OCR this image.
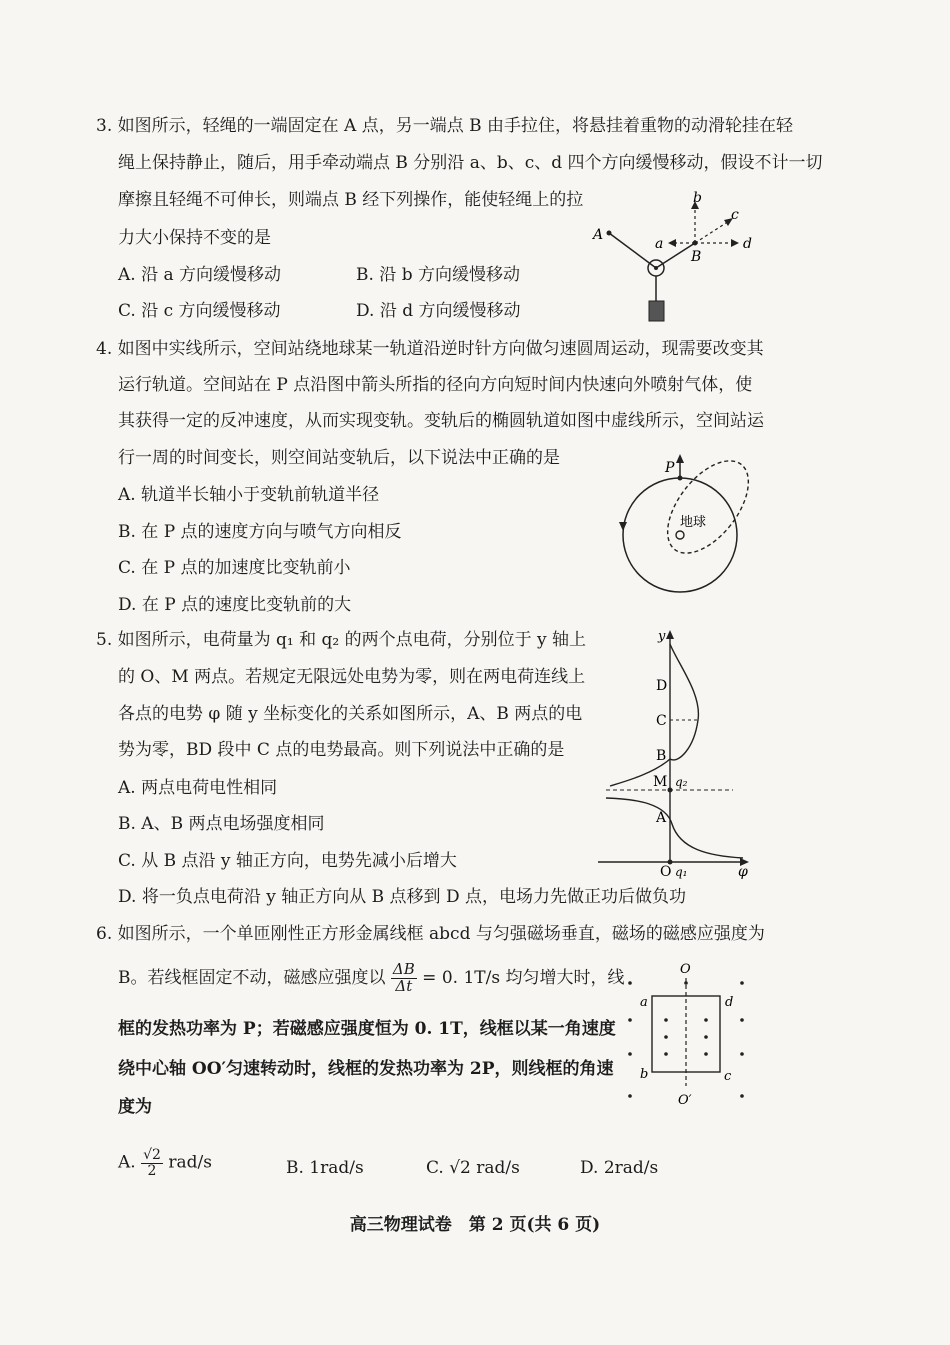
3. 如图所示，轻绳的一端固定在 A 点，另一端点 B 由手拉住，将悬挂着重物的动滑轮挂在轻
绳上保持静止，随后，用手牵动端点 B 分别沿 a、b、c、d 四个方向缓慢移动，假设不计一切
摩擦且轻绳不可伸长，则端点 B 经下列操作，能使轻绳上的拉
力大小保持不变的是
A. 沿 a 方向缓慢移动	B. 沿 b 方向缓慢移动
C. 沿 c 方向缓慢移动	D. 沿 d 方向缓慢移动
A
B
a
b
c
d
4. 如图中实线所示，空间站绕地球某一轨道沿逆时针方向做匀速圆周运动，现需要改变其
运行轨道。空间站在 P 点沿图中箭头所指的径向方向短时间内快速向外喷射气体，使
其获得一定的反冲速度，从而实现变轨。变轨后的椭圆轨道如图中虚线所示，空间站运
行一周的时间变长，则空间站变轨后，以下说法中正确的是
A. 轨道半长轴小于变轨前轨道半径
B. 在 P 点的速度方向与喷气方向相反
C. 在 P 点的加速度比变轨前小
D. 在 P 点的速度比变轨前的大
地球
P
5. 如图所示，电荷量为 q₁ 和 q₂ 的两个点电荷，分别位于 y 轴上
的 O、M 两点。若规定无限远处电势为零，则在两电荷连线上
各点的电势 φ 随 y 坐标变化的关系如图所示，A、B 两点的电
势为零，BD 段中 C 点的电势最高。则下列说法中正确的是
A. 两点电荷电性相同
B. A、B 两点电场强度相同
C. 从 B 点沿 y 轴正方向，电势先减小后增大
D. 将一负点电荷沿 y 轴正方向从 B 点移到 D 点，电场力先做正功后做负功
y
φ
D
C
B
M q₂
A
O q₁
6. 如图所示，一个单匝刚性正方形金属线框 abcd 与匀强磁场垂直，磁场的磁感应强度为
B。若线框固定不动，磁感应强度以 $\frac{\Delta B}{\Delta t} = 0$. 1T/s 均匀增大时，线
框的发热功率为 P；若磁感应强度恒为 0. 1T，线框以某一角速度
绕中心轴 OO′匀速转动时，线框的发热功率为 2P，则线框的角速
度为
A. $\frac{√2}{2} rad/s$	B. 1rad/s	C. √2 rad/s	D. 2rad/s
O
O′
a	d
b	c
高三物理试卷　第 2 页(共 6 页)
